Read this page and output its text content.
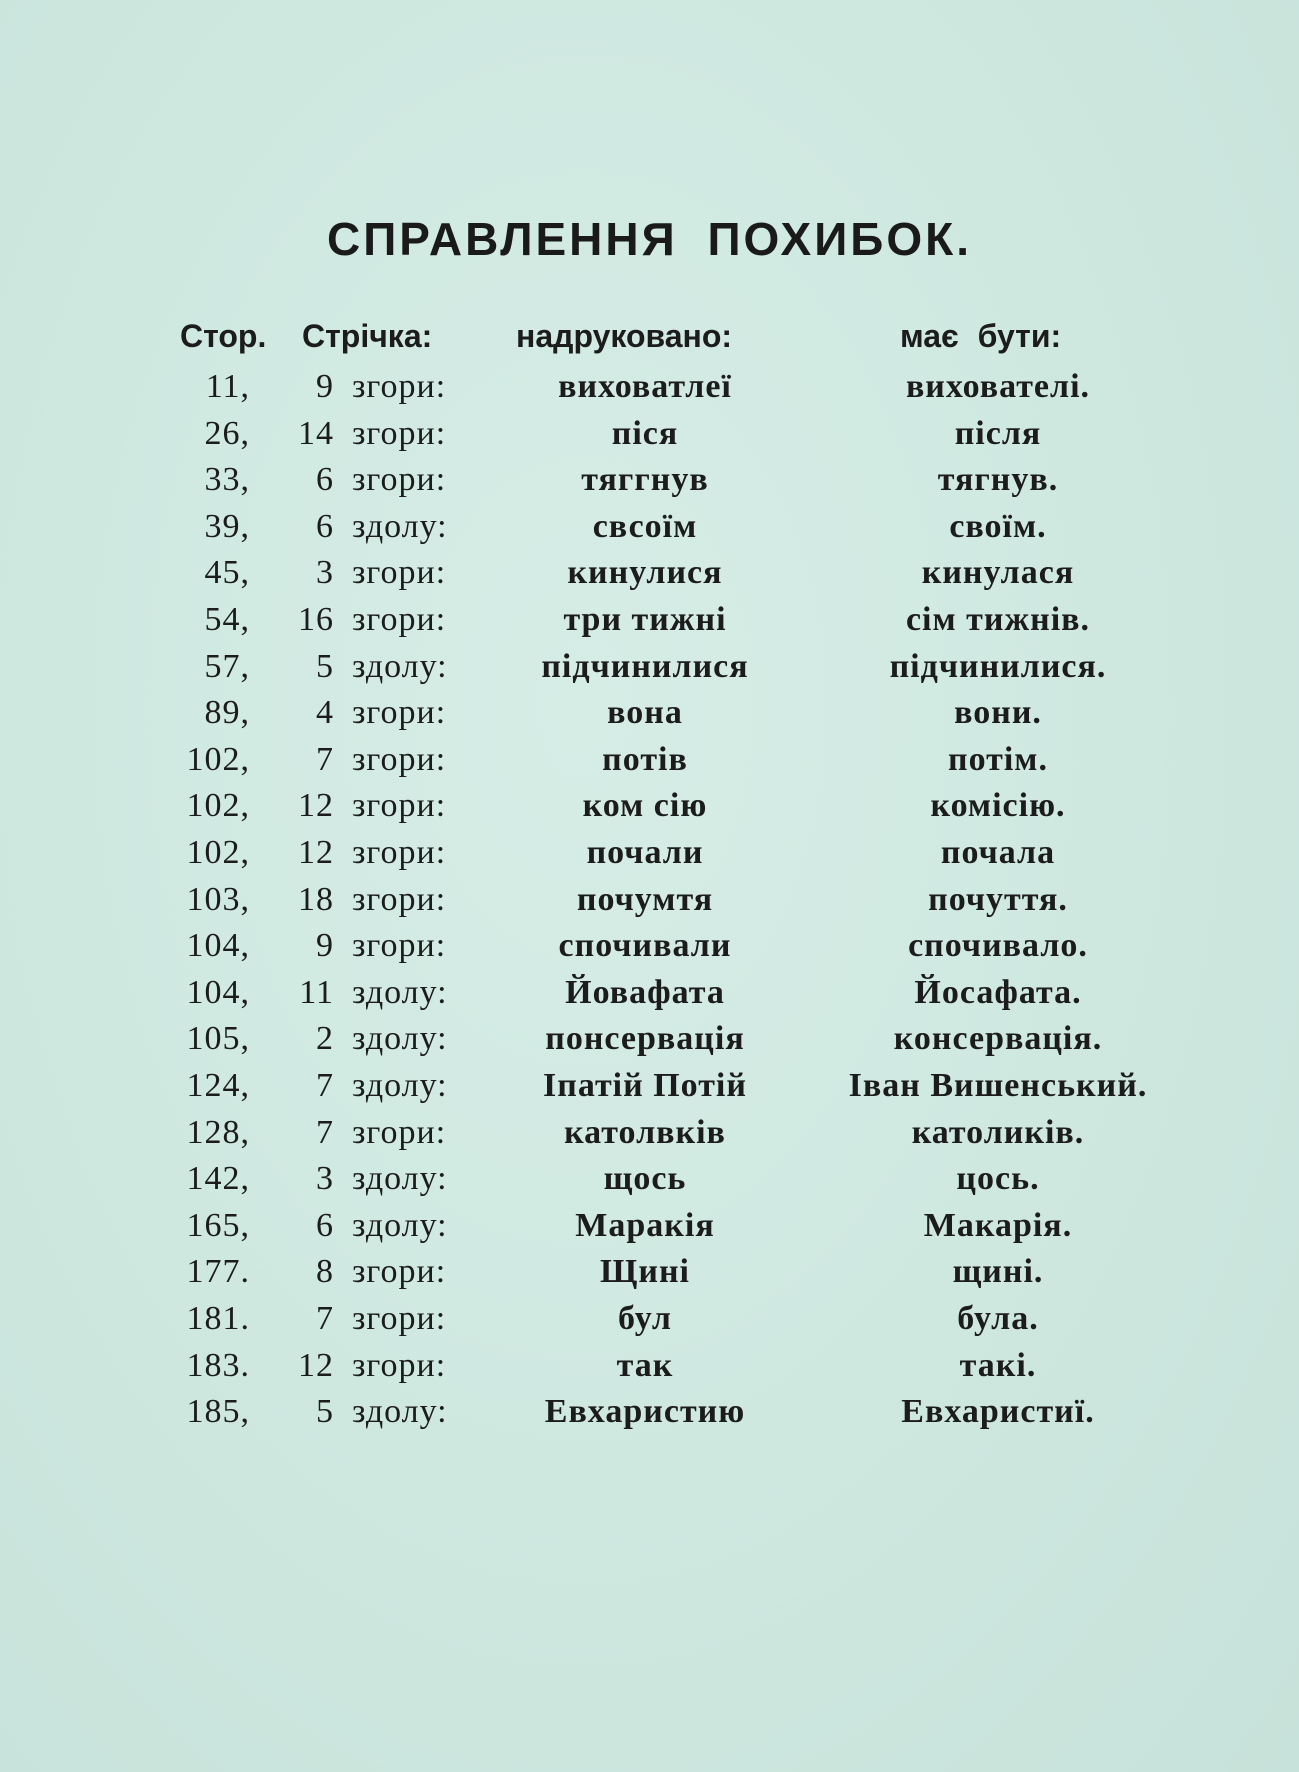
СПРАВЛЕННЯ ПОХИБОК.
Стор. Стрічка:	надруковано:	має бути:
11,	9 згори:	виховатлеї	вихователі.
26,	14 згори:	піся	після
33,	6 згори:	тяггнув	тягнув.
39,	6 здолу:	свсоїм	своїм.
45,	3 згори:	кинулися	кинулася
54,	16 згори:	три тижні	сім тижнів.
57,	5 здолу:	підчинилися	підчинилися.
89,	4 згори:	вона	вони.
102,	7 згори:	потів	потім.
102,	12 згори:	ком сію	комісію.
102,	12 згори:	почали	почала
103,	18 згори:	почумтя	почуття.
104,	9 згори:	спочивали	спочивало.
104,	11 здолу:	Йовафата	Йосафата.
105,	2 здолу:	понсервація	консервація.
124,	7 здолу:	Іпатій Потій	Іван Вишенський.
128,	7 згори:	католвків	католиків.
142,	3 здолу:	щось	цось.
165,	6 здолу:	Маракія	Макарія.
177.	8 згори:	Щині	щині.
181.	7 згори:	бул	була.
183.	12 згори:	так	такі.
185,	5 здолу:	Евхаристию	Евхаристиї.
